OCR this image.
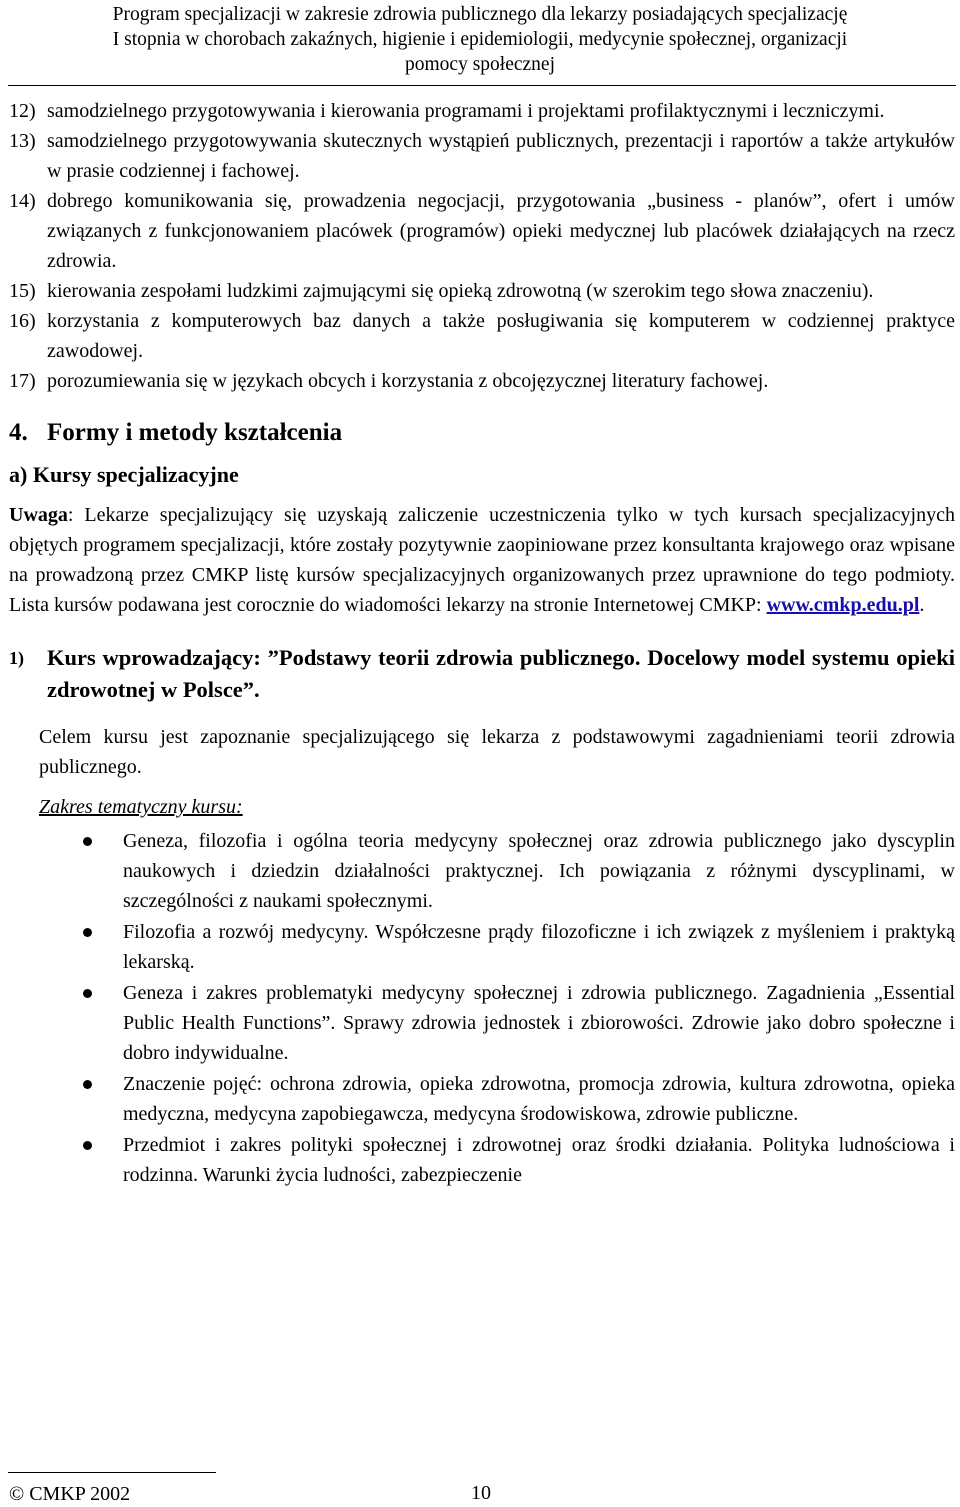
Program specjalizacji w zakresie zdrowia publicznego dla lekarzy posiadających specjalizację
I stopnia w chorobach zakaźnych, higienie i epidemiologii, medycynie społecznej, organizacji
pomocy społecznej
12) samodzielnego przygotowywania i kierowania programami i projektami profilaktycznymi i leczniczymi.
13) samodzielnego przygotowywania skutecznych wystąpień publicznych, prezentacji i raportów a także artykułów w prasie codziennej i fachowej.
14) dobrego komunikowania się, prowadzenia negocjacji, przygotowania „business - planów”, ofert i umów związanych z funkcjonowaniem placówek (programów) opieki medycznej lub placówek działających na rzecz zdrowia.
15) kierowania zespołami ludzkimi zajmującymi się opieką zdrowotną (w szerokim tego słowa znaczeniu).
16) korzystania z komputerowych baz danych a także posługiwania się komputerem w codziennej praktyce zawodowej.
17) porozumiewania się w językach obcych i korzystania z obcojęzycznej literatury fachowej.
4. Formy i metody kształcenia
a) Kursy specjalizacyjne

Uwaga: Lekarze specjalizujący się uzyskają zaliczenie uczestniczenia tylko w tych kursach specjalizacyjnych objętych programem specjalizacji, które zostały pozytywnie zaopiniowane przez konsultanta krajowego oraz wpisane na prowadzoną przez CMKP listę kursów specjalizacyjnych organizowanych przez uprawnione do tego podmioty. Lista kursów podawana jest corocznie do wiadomości lekarzy na stronie Internetowej CMKP: www.cmkp.edu.pl.

1)	Kurs wprowadzający: ”Podstawy teorii zdrowia publicznego. Docelowy model systemu opieki zdrowotnej w Polsce”.
Celem kursu jest zapoznanie specjalizującego się lekarza z podstawowymi zagadnieniami teorii zdrowia publicznego.
Zakres tematyczny kursu:
Geneza, filozofia i ogólna teoria medycyny społecznej oraz zdrowia publicznego jako dyscyplin naukowych i dziedzin działalności praktycznej. Ich powiązania z różnymi dyscyplinami, w szczególności z naukami społecznymi.
Filozofia a rozwój medycyny. Współczesne prądy filozoficzne i ich związek z myśleniem i praktyką lekarską.
Geneza i zakres problematyki medycyny społecznej i zdrowia publicznego. Zagadnienia „Essential Public Health Functions”. Sprawy zdrowia jednostek i zbiorowości. Zdrowie jako dobro społeczne i dobro indywidualne.
Znaczenie pojęć: ochrona zdrowia, opieka zdrowotna, promocja zdrowia, kultura zdrowotna, opieka medyczna, medycyna zapobiegawcza, medycyna środowiskowa, zdrowie publiczne.
Przedmiot i zakres polityki społecznej i zdrowotnej oraz środki działania. Polityka ludnościowa i rodzinna. Warunki życia ludności, zabezpieczenie
© CMKP 2002	10
